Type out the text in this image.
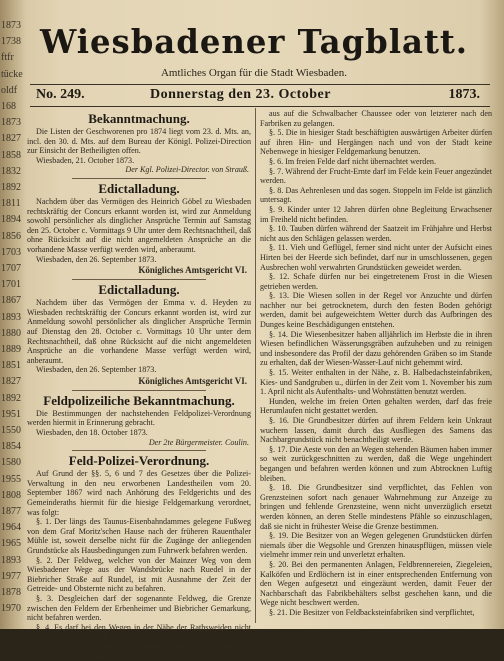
1873
1738
ftfr
tücke
oldf
168
1873
1827
1858
1832
1892
1811
1894
1856
1703
1707
1701
1867
1893
1880
1889
1851
1827
1892
1951
1550
1854
1580
1955
1808
1877
1964
1965
1893
1977
1878
1970
Wiesbadener Tagblatt.
Amtliches Organ für die Stadt Wiesbaden.
No. 249.	Donnerstag den 23. October	1873.
Bekanntmachung.

Die Listen der Geschworenen pro 1874 liegt vom 23. d. Mts. an, incl. den 30. d. Mts. auf dem Bureau der Königl. Polizei-Direction zur Einsicht der Betheiligten offen.

Wiesbaden, 21. October 1873.

Der Kgl. Polizei-Director. von Strauß.
Edictalladung.

Nachdem über das Vermögen des Heinrich Göbel zu Wiesbaden rechtskräftig der Concurs erkannt worden ist, wird zur Anmeldung sowohl persönlicher als dinglicher Ansprüche Termin auf Samstag den 25. October c. Vormittags 9 Uhr unter dem Rechtsnachtheil, daß ohne Rücksicht auf die nicht angemeldeten Ansprüche an die vorhandene Masse verfügt werden wird, anberaumt.

Wiesbaden, den 26. September 1873.

Königliches Amtsgericht VI.
Edictalladung.

Nachdem über das Vermögen der Emma v. d. Heyden zu Wiesbaden rechtskräftig der Concurs erkannt worden ist, wird zur Anmeldung sowohl persönlicher als dinglicher Ansprüche Termin auf Dienstag den 28. October c. Vormittags 10 Uhr unter dem Rechtsnachtheil, daß ohne Rücksicht auf die nicht angemeldeten Ansprüche an die vorhandene Masse verfügt werden wird, anberaumt.

Wiesbaden, den 26. September 1873.

Königliches Amtsgericht VI.
Feldpolizeiliche Bekanntmachung.

Die Bestimmungen der nachstehenden Feldpolizei-Verordnung werden hiermit in Erinnerung gebracht.

Wiesbaden, den 18. October 1873.

Der 2te Bürgermeister. Coulin.
Feld-Polizei-Verordnung.

Auf Grund der §§. 5, 6 und 7 des Gesetzes über die Polizei-Verwaltung in den neu erworbenen Landestheilen vom 20. September 1867 wird nach Anhörung des Feldgerichts und des Gemeinderaths hiermit für die hiesige Feldgemarkung verordnet, was folgt:

§. 1. Der längs des Taunus-Eisenbahndammes gelegene Fußweg von dem Graf Moritz'schen Hause nach der früheren Rauenthaler Mühle ist, soweit derselbe nicht für die Zugänge der anliegenden Grundstücke als Hausbedingungen zum Fuhrwerk befahren werden.

§. 2. Der Feldweg, welcher von der Mainzer Weg von dem Wiesbadener Wege aus der Wandsbrücke nach Ruedel in der Biebricher Straße auf Rundel, ist mit Ausnahme der Zeit der Getreide- und Obsternte nicht zu befahren.

§. 3. Desgleichen darf der sogenannte Feldweg, die Grenze zwischen den Feldern der Erbenheimer und Biebricher Gemarkung, nicht befahren werden.

§. 4. Es darf bei den Wegen in der Nähe der Rathsweiden nicht gefahren werden. Auch bei Wegfall dieser Bedingungen ist die Benutzung der Wege, welche nach dem Wald und Schloß führen und an dem Fahrweg zu gehen, untersagt.

aus auf die Schwalbacher Chaussee oder von letzterer nach den Farbriken zu gelangen.

§. 5. Die in hiesiger Stadt beschäftigten auswärtigen Arbeiter dürfen auf ihren Hin- und Hergängen nach und von der Stadt keine Nebenwege in hiesiger Feldgemarkung benutzen.

§. 6. Im freien Felde darf nicht übernachtet werden.

§. 7. Während der Frucht-Ernte darf im Felde kein Feuer angezündet werden.

§. 8. Das Aehrenlesen und das sogen. Stoppeln im Felde ist gänzlich untersagt.

§. 9. Kinder unter 12 Jahren dürfen ohne Begleitung Erwachsener im Freiheld nicht befinden.

§. 10. Tauben dürfen während der Saatzeit im Frühjahre und Herbst nicht aus den Schlägen gelassen werden.

§. 11. Vieh und Geflügel, ferner sind nicht unter der Aufsicht eines Hirten bei der Heerde sich befindet, darf nur in umschlossenen, gegen Ausbrechen wohl verwahrten Grundstücken geweidet werden.

§. 12. Schafe dürfen nur bei eingetretenem Frost in die Wiesen getrieben werden.

§. 13. Die Wiesen sollen in der Regel vor Anzuchte und dürfen nachher nur bei getrocknetem, durch den festen Boden gehörigt werden, damit bei aufgeweichtem Wetter durch das Aufbringen des Dunges keine Beschädigungen entstehen.

§. 14. Die Wiesenbesitzer haben alljährlich im Herbste die in ihren Wiesen befindlichen Wässerungsgräben aufzuheben und zu reinigen und insbesondere das Profil der dazu gehörenden Gräben so im Stande zu erhalten, daß der Wiesen-Wasser-Lauf nicht gehemmt wird.

§. 15. Weiter enthalten in der Nähe, z. B. Halbedachsteinfabriken, Kies- und Sandgruben u., dürfen in der Zeit vom 1. November bis zum 1. April nicht als Aufenthalts- und Wohnstätten benutzt werden.

Hunden, welche im freien Orten gehalten werden, darf das freie Herumlaufen nicht gestattet werden.

§. 16. Die Grundbesitzer dürfen auf ihrem Feldern kein Unkraut wuchern lassen, damit durch das Ausfliegen des Samens das Nachbargrundstück nicht benachtheiligt werde.

§. 17. Die Aeste von den an Wegen stehenden Bäumen haben immer so weit zurückgeschnitten zu werden, daß die Wege ungehindert begangen und befahren werden können und zum Abtrocknen Luftig bleiben.

§. 18. Die Grundbesitzer sind verpflichtet, das Fehlen von Grenzsteinen sofort nach genauer Wahrnehmung zur Anzeige zu bringen und fehlende Grenzsteine, wenn nicht unverzüglich ersetzt werden können, an deren Stelle mindestens Pfähle so einzuschlagen, daß sie nicht in frühester Weise die Grenze bestimmen.

§. 19. Die Besitzer von an Wegen gelegenen Grundstücken dürfen niemals über die Wegsohle und Grenzen hinauspflügen, müssen viele vielmehr immer rein und unverletzt erhalten.

§. 20. Bei den permanenten Anlagen, Feldbrennereien, Ziegeleien, Kalköfen und Erdlöchern ist in einer entsprechenden Entfernung von den Wegen aufgesetzt und eingezäunt werden, damit Feuer der Nachbarschaft das Fabrikbehälters selbst geschehen kann, und die Wege nicht beschwert werden.

§. 21. Die Besitzer von Feldbacksteinfabriken sind verpflichtet,
